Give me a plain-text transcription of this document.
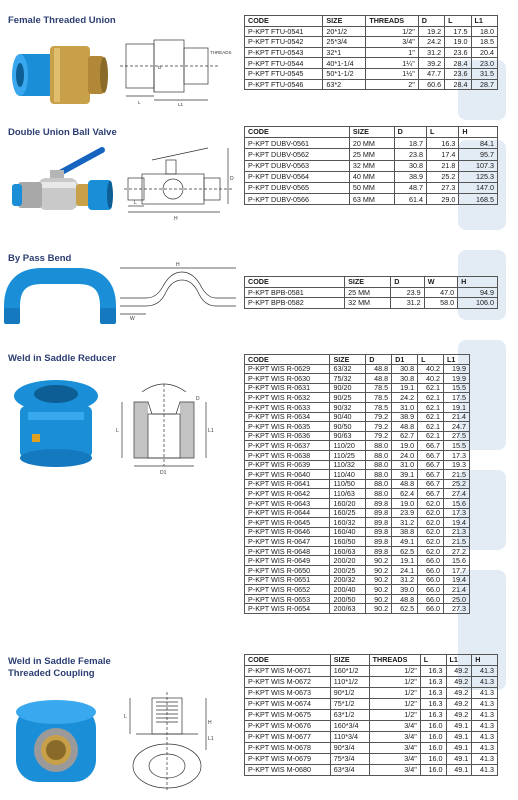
Female Threaded Union
THREADS
D
L	L1
CODE	SIZE	THREADS	D	L	L1
P-KPT FTU-0541	20*1/2	1/2"	19.2	17.5	18.0
P-KPT FTU-0542	25*3/4	3/4"	24.2	19.0	18.5
P-KPT FTU-0543	32*1	1"	31.2	23.6	20.4
P-KPT FTU-0544	40*1-1/4	1¼"	39.2	28.4	23.0
P-KPT FTU-0545	50*1-1/2	1½"	47.7	23.6	31.5
P-KPT FTU-0546	63*2	2"	60.6	28.4	28.7
Double Union Ball Valve
L
H
D
CODE	SIZE	D	L	H
P-KPT DUBV-0561	20 MM	18.7	16.3	84.1
P-KPT DUBV-0562	25 MM	23.8	17.4	95.7
P-KPT DUBV-0563	32 MM	30.8	21.8	107.3
P-KPT DUBV-0564	40 MM	38.9	25.2	125.3
P-KPT DUBV-0565	50 MM	48.7	27.3	147.0
P-KPT DUBV-0566	63 MM	61.4	29.0	168.5
By Pass Bend
H
W
CODE	SIZE	D	W	H
P-KPT BPB-0581	25 MM	23.9	47.0	94.9
P-KPT BPB-0582	32 MM	31.2	58.0	106.0
Weld in Saddle Reducer
L	L1
D1
D
CODE	SIZE	D	D1	L	L1
P-KPT WIS R-0629	63/32	48.8	30.8	40.2	19.9
P-KPT WIS R-0630	75/32	48.8	30.8	40.2	19.9
P-KPT WIS R-0631	90/20	78.5	19.1	62.1	15.5
P-KPT WIS R-0632	90/25	78.5	24.2	62.1	17.5
P-KPT WIS R-0633	90/32	78.5	31.0	62.1	19.1
P-KPT WIS R-0634	90/40	79.2	38.9	62.1	21.4
P-KPT WIS R-0635	90/50	79.2	48.8	62.1	24.7
P-KPT WIS R-0636	90/63	79.2	62.7	62.1	27.5
P-KPT WIS R-0637	110/20	88.0	19.0	66.7	15.5
P-KPT WIS R-0638	110/25	88.0	24.0	66.7	17.3
P-KPT WIS R-0639	110/32	88.0	31.0	66.7	19.3
P-KPT WIS R-0640	110/40	88.0	39.1	66.7	21.5
P-KPT WIS R-0641	110/50	88.0	48.8	66.7	25.2
P-KPT WIS R-0642	110/63	88.0	62.4	66.7	27.4
P-KPT WIS R-0643	160/20	89.8	19.0	62.0	15.6
P-KPT WIS R-0644	160/25	89.8	23.9	62.0	17.3
P-KPT WIS R-0645	160/32	89.8	31.2	62.0	19.4
P-KPT WIS R-0646	160/40	89.8	38.8	62.0	21.3
P-KPT WIS R-0647	160/50	89.8	49.1	62.0	21.5
P-KPT WIS R-0648	160/63	89.8	62.5	62.0	27.2
P-KPT WIS R-0649	200/20	90.2	19.1	66.0	15.6
P-KPT WIS R-0650	200/25	90.2	24.1	66.0	17.7
P-KPT WIS R-0651	200/32	90.2	31.2	66.0	19.4
P-KPT WIS R-0652	200/40	90.2	39.0	66.0	21.4
P-KPT WIS R-0653	200/50	90.2	48.8	66.0	25.0
P-KPT WIS R-0654	200/63	90.2	62.5	66.0	27.3
Weld in Saddle Female
Threaded Coupling
L
H
L1
CODE	SIZE	THREADS	L	L1	H
P-KPT WIS M-0671	160*1/2	1/2"	16.3	49.2	41.3
P-KPT WIS M-0672	110*1/2	1/2"	16.3	49.2	41.3
P-KPT WIS M-0673	90*1/2	1/2"	16.3	49.2	41.3
P-KPT WIS M-0674	75*1/2	1/2"	16.3	49.2	41.3
P-KPT WIS M-0675	63*1/2	1/2"	16.3	49.2	41.3
P-KPT WIS M-0676	160*3/4	3/4"	16.0	49.1	41.3
P-KPT WIS M-0677	110*3/4	3/4"	16.0	49.1	41.3
P-KPT WIS M-0678	90*3/4	3/4"	16.0	49.1	41.3
P-KPT WIS M-0679	75*3/4	3/4"	16.0	49.1	41.3
P-KPT WIS M-0680	63*3/4	3/4"	16.0	49.1	41.3
